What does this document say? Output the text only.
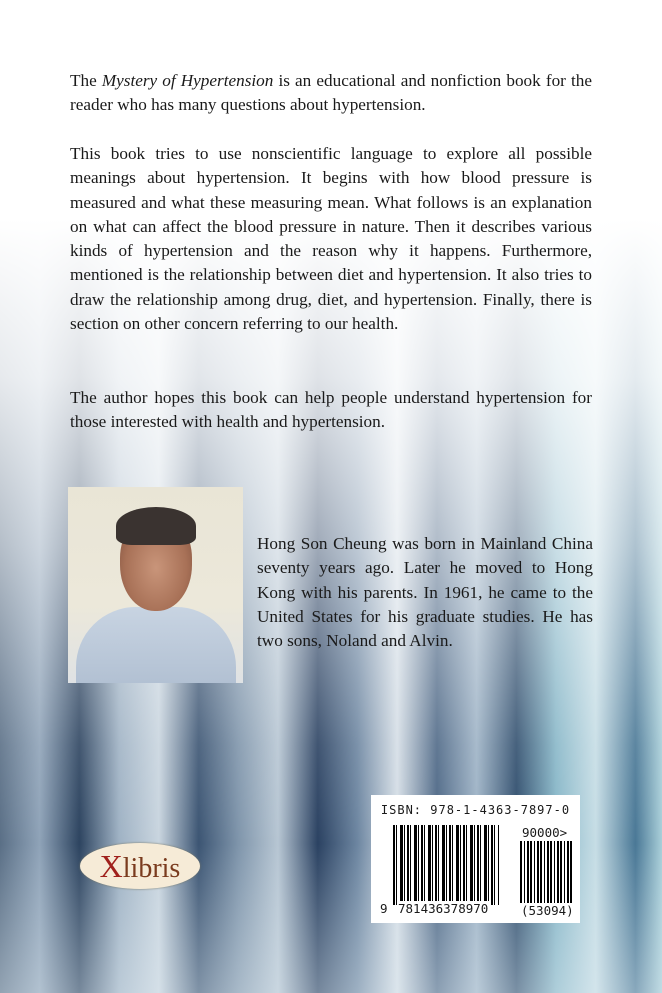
The Mystery of Hypertension is an educational and nonfiction book for the reader who has many questions about hypertension.

This book tries to use nonscientific language to explore all possible meanings about hypertension. It begins with how blood pressure is measured and what these measuring mean. What follows is an explanation on what can affect the blood pressure in nature. Then it describes various kinds of hypertension and the reason why it happens. Furthermore, mentioned is the relationship between diet and hypertension. It also tries to draw the relationship among drug, diet, and hypertension. Finally, there is section on other concern referring to our health.

The author hopes this book can help people understand hypertension for those interested with health and hypertension.

Hong Son Cheung was born in Mainland China seventy years ago. Later he moved to Hong Kong with his parents. In 1961, he came to the United States for his graduate studies. He has two sons, Noland and Alvin.

Xlibris
ISBN: 978-1-4363-7897-0
90000>
9 781436378970	(53094)
